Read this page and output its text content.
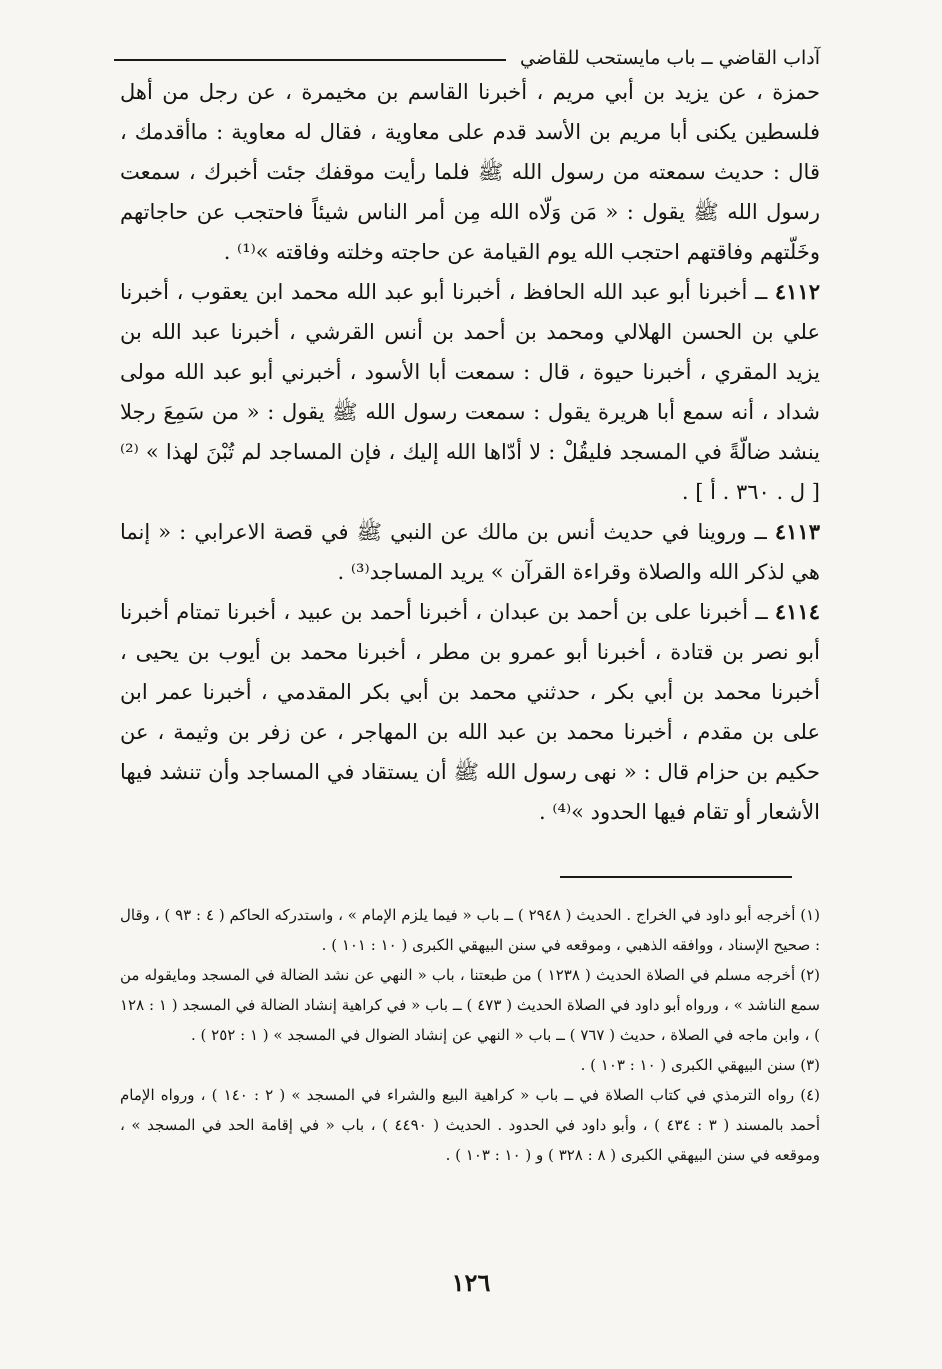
آداب القاضي ــ باب مايستحب للقاضي

حمزة ، عن يزيد بن أبي مريم ، أخبرنا القاسم بن مخيمرة ، عن رجل من أهل فلسطين يكنى أبا مريم بن الأسد قدم على معاوية ، فقال له معاوية : ماأقدمك ، قال : حديث سمعته من رسول الله ﷺ فلما رأيت موقفك جئت أخبرك ، سمعت رسول الله ﷺ يقول : « مَن وَلّاه الله مِن أمر الناس شيئاً فاحتجب عن حاجاتهم وخَلّتهم وفاقتهم احتجب الله يوم القيامة عن حاجته وخلته وفاقته »⁽¹⁾ .

٤١١٢ ــ أخبرنا أبو عبد الله الحافظ ، أخبرنا أبو عبد الله محمد ابن يعقوب ، أخبرنا علي بن الحسن الهلالي ومحمد بن أحمد بن أنس القرشي ، أخبرنا عبد الله بن يزيد المقري ، أخبرنا حيوة ، قال : سمعت أبا الأسود ، أخبرني أبو عبد الله مولى شداد ، أنه سمع أبا هريرة يقول : سمعت رسول الله ﷺ يقول : « من سَمِعَ رجلا ينشد ضالّةً في المسجد فليقُلْ : لا أدّاها الله إليك ، فإن المساجد لم تُبْنَ لهذا » ⁽²⁾ [ ل . ٣٦٠ . أ ] .

٤١١٣ ــ وروينا في حديث أنس بن مالك عن النبي ﷺ في قصة الاعرابي : « إنما هي لذكر الله والصلاة وقراءة القرآن » يريد المساجد⁽³⁾ .

٤١١٤ ــ أخبرنا على بن أحمد بن عبدان ، أخبرنا أحمد بن عبيد ، أخبرنا تمتام أخبرنا أبو نصر بن قتادة ، أخبرنا أبو عمرو بن مطر ، أخبرنا محمد بن أيوب بن يحيى ، أخبرنا محمد بن أبي بكر ، حدثني محمد بن أبي بكر المقدمي ، أخبرنا عمر ابن على بن مقدم ، أخبرنا محمد بن عبد الله بن المهاجر ، عن زفر بن وثيمة ، عن حكيم بن حزام قال : « نهى رسول الله ﷺ أن يستقاد في المساجد وأن تنشد فيها الأشعار أو تقام فيها الحدود »⁽⁴⁾ .

(١) أخرجه أبو داود في الخراج . الحديث ( ٢٩٤٨ ) ــ باب « فيما يلزم الإمام » ، واستدركه الحاكم ( ٤ : ٩٣ ) ، وقال : صحيح الإسناد ، ووافقه الذهبي ، وموقعه في سنن البيهقي الكبرى ( ١٠ : ١٠١ ) .

(٢) أخرجه مسلم في الصلاة الحديث ( ١٢٣٨ ) من طبعتنا ، باب « النهي عن نشد الضالة في المسجد ومايقوله من سمع الناشد » ، ورواه أبو داود في الصلاة الحديث ( ٤٧٣ ) ــ باب « في كراهية إنشاد الضالة في المسجد ( ١ : ١٢٨ ) ، وابن ماجه في الصلاة ، حديث ( ٧٦٧ ) ــ باب « النهي عن إنشاد الضوال في المسجد » ( ١ : ٢٥٢ ) .

(٣) سنن البيهقي الكبرى ( ١٠ : ١٠٣ ) .

(٤) رواه الترمذي في كتاب الصلاة في ــ باب « كراهية البيع والشراء في المسجد » ( ٢ : ١٤٠ ) ، ورواه الإمام أحمد بالمسند ( ٣ : ٤٣٤ ) ، وأبو داود في الحدود . الحديث ( ٤٤٩٠ ) ، باب « في إقامة الحد في المسجد » ، وموقعه في سنن البيهقي الكبرى ( ٨ : ٣٢٨ ) و ( ١٠ : ١٠٣ ) .

١٢٦
